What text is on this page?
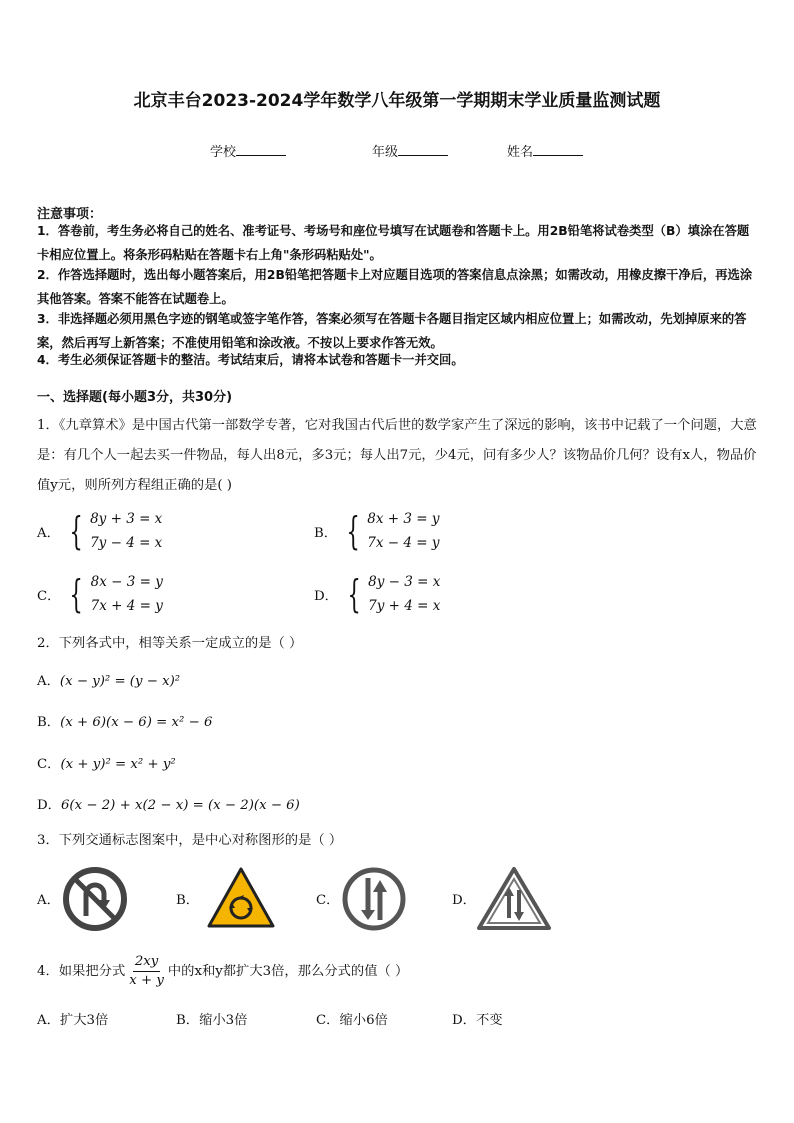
北京丰台2023-2024学年数学八年级第一学期期末学业质量监测试题
学校	年级	姓名
注意事项：
1．答卷前，考生务必将自己的姓名、准考证号、考场号和座位号填写在试题卷和答题卡上。用2B铅笔将试卷类型（B）填涂在答题卡相应位置上。将条形码粘贴在答题卡右上角"条形码粘贴处"。
2．作答选择题时，选出每小题答案后，用2B铅笔把答题卡上对应题目选项的答案信息点涂黑；如需改动，用橡皮擦干净后，再选涂其他答案。答案不能答在试题卷上。
3．非选择题必须用黑色字迹的钢笔或签字笔作答，答案必须写在答题卡各题目指定区域内相应位置上；如需改动，先划掉原来的答案，然后再写上新答案；不准使用铅笔和涂改液。不按以上要求作答无效。
4．考生必须保证答题卡的整洁。考试结束后，请将本试卷和答题卡一并交回。
一、选择题(每小题3分，共30分)
1．《九章算术》是中国古代第一部数学专著，它对我国古代后世的数学家产生了深远的影响，该书中记载了一个问题，大意是：有几个人一起去买一件物品，每人出8元，多3元；每人出7元，少4元，问有多少人？该物品价几何？设有x人，物品价值y元，则所列方程组正确的是( )
A． { 8y + 3 = x
7y − 4 = x
B． { 8x + 3 = y
7x − 4 = y
C． { 8x − 3 = y
7x + 4 = y
D． { 8y − 3 = x
7y + 4 = x
2．下列各式中，相等关系一定成立的是（ ）
A．(x − y)² = (y − x)²
B．(x + 6)(x − 6) = x² − 6
C．(x + y)² = x² + y²
D．6(x − 2) + x(2 − x) = (x − 2)(x − 6)
3．下列交通标志图案中，是中心对称图形的是（ ）
A．	B．	C．	D．
4．如果把分式 $\frac{2xy}{x + y}$ 中的x和y都扩大3倍，那么分式的值（ ）
A．扩大3倍	B．缩小3倍	C．缩小6倍	D．不变
